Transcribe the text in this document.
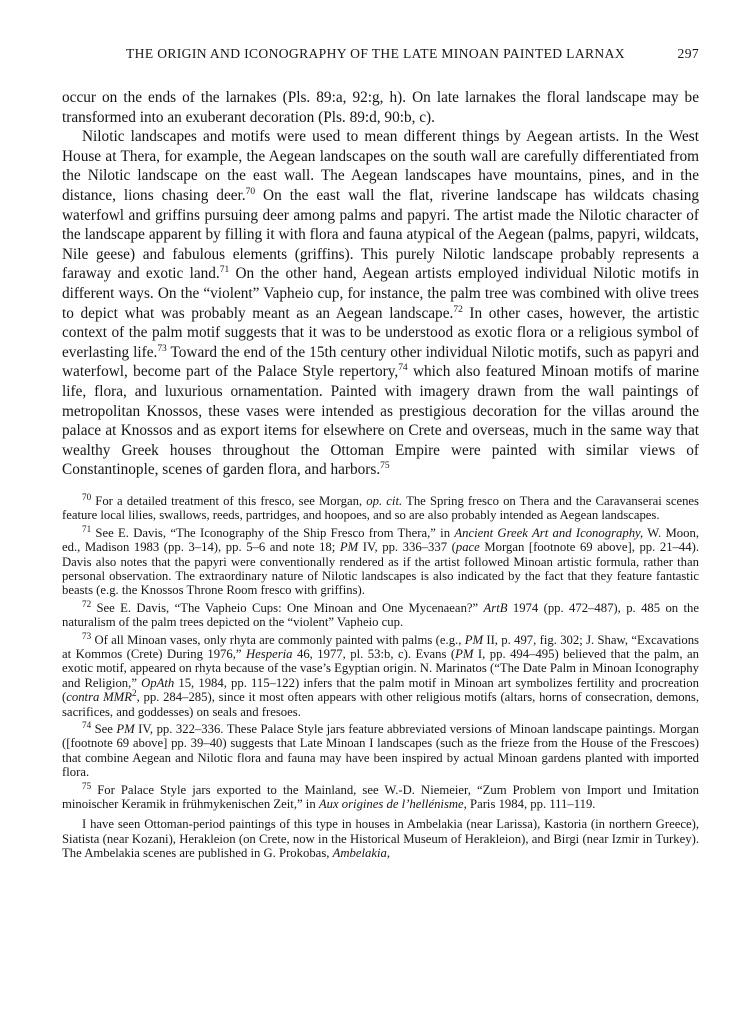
THE ORIGIN AND ICONOGRAPHY OF THE LATE MINOAN PAINTED LARNAX	297

occur on the ends of the larnakes (Pls. 89:a, 92:g, h). On late larnakes the floral landscape may be transformed into an exuberant decoration (Pls. 89:d, 90:b, c).

Nilotic landscapes and motifs were used to mean different things by Aegean artists. In the West House at Thera, for example, the Aegean landscapes on the south wall are carefully differentiated from the Nilotic landscape on the east wall. The Aegean landscapes have mountains, pines, and in the distance, lions chasing deer.$^{70}$ On the east wall the flat, riverine landscape has wildcats chasing waterfowl and griffins pursuing deer among palms and papyri. The artist made the Nilotic character of the landscape apparent by filling it with flora and fauna atypical of the Aegean (palms, papyri, wildcats, Nile geese) and fabulous elements (griffins). This purely Nilotic landscape probably represents a faraway and exotic land.$^{71}$ On the other hand, Aegean artists employed individual Nilotic motifs in different ways. On the “violent” Vapheio cup, for instance, the palm tree was combined with olive trees to depict what was probably meant as an Aegean landscape.$^{72}$ In other cases, however, the artistic context of the palm motif suggests that it was to be understood as exotic flora or a religious symbol of everlasting life.$^{73}$ Toward the end of the 15th century other individual Nilotic motifs, such as papyri and waterfowl, become part of the Palace Style repertory,$^{74}$ which also featured Minoan motifs of marine life, flora, and luxurious ornamentation. Painted with imagery drawn from the wall paintings of metropolitan Knossos, these vases were intended as prestigious decoration for the villas around the palace at Knossos and as export items for elsewhere on Crete and overseas, much in the same way that wealthy Greek houses throughout the Ottoman Empire were painted with similar views of Constantinople, scenes of garden flora, and harbors.$^{75}$

$^{70}$ For a detailed treatment of this fresco, see Morgan, op. cit. The Spring fresco on Thera and the Caravanserai scenes feature local lilies, swallows, reeds, partridges, and hoopoes, and so are also probably intended as Aegean landscapes.

$^{71}$ See E. Davis, “The Iconography of the Ship Fresco from Thera,” in Ancient Greek Art and Iconography, W. Moon, ed., Madison 1983 (pp. 3–14), pp. 5–6 and note 18; PM IV, pp. 336–337 (pace Morgan [footnote 69 above], pp. 21–44). Davis also notes that the papyri were conventionally rendered as if the artist followed Minoan artistic formula, rather than personal observation. The extraordinary nature of Nilotic landscapes is also indicated by the fact that they feature fantastic beasts (e.g. the Knossos Throne Room fresco with griffins).

$^{72}$ See E. Davis, “The Vapheio Cups: One Minoan and One Mycenaean?” ArtB 1974 (pp. 472–487), p. 485 on the naturalism of the palm trees depicted on the “violent” Vapheio cup.

$^{73}$ Of all Minoan vases, only rhyta are commonly painted with palms (e.g., PM II, p. 497, fig. 302; J. Shaw, “Excavations at Kommos (Crete) During 1976,” Hesperia 46, 1977, pl. 53:b, c). Evans (PM I, pp. 494–495) believed that the palm, an exotic motif, appeared on rhyta because of the vase’s Egyptian origin. N. Marinatos (“The Date Palm in Minoan Iconography and Religion,” OpAth 15, 1984, pp. 115–122) infers that the palm motif in Minoan art symbolizes fertility and procreation (contra MMR$^2$, pp. 284–285), since it most often appears with other religious motifs (altars, horns of consecration, demons, sacrifices, and goddesses) on seals and fresoes.

$^{74}$ See PM IV, pp. 322–336. These Palace Style jars feature abbreviated versions of Minoan landscape paintings. Morgan ([footnote 69 above] pp. 39–40) suggests that Late Minoan I landscapes (such as the frieze from the House of the Frescoes) that combine Aegean and Nilotic flora and fauna may have been inspired by actual Minoan gardens planted with imported flora.

$^{75}$ For Palace Style jars exported to the Mainland, see W.-D. Niemeier, “Zum Problem von Import und Imitation minoischer Keramik in frühmykenischen Zeit,” in Aux origines de l’hellénisme, Paris 1984, pp. 111–119.

I have seen Ottoman-period paintings of this type in houses in Ambelakia (near Larissa), Kastoria (in northern Greece), Siatista (near Kozani), Herakleion (on Crete, now in the Historical Museum of Herakleion), and Birgi (near Izmir in Turkey). The Ambelakia scenes are published in G. Prokobas, Ambelakia,
